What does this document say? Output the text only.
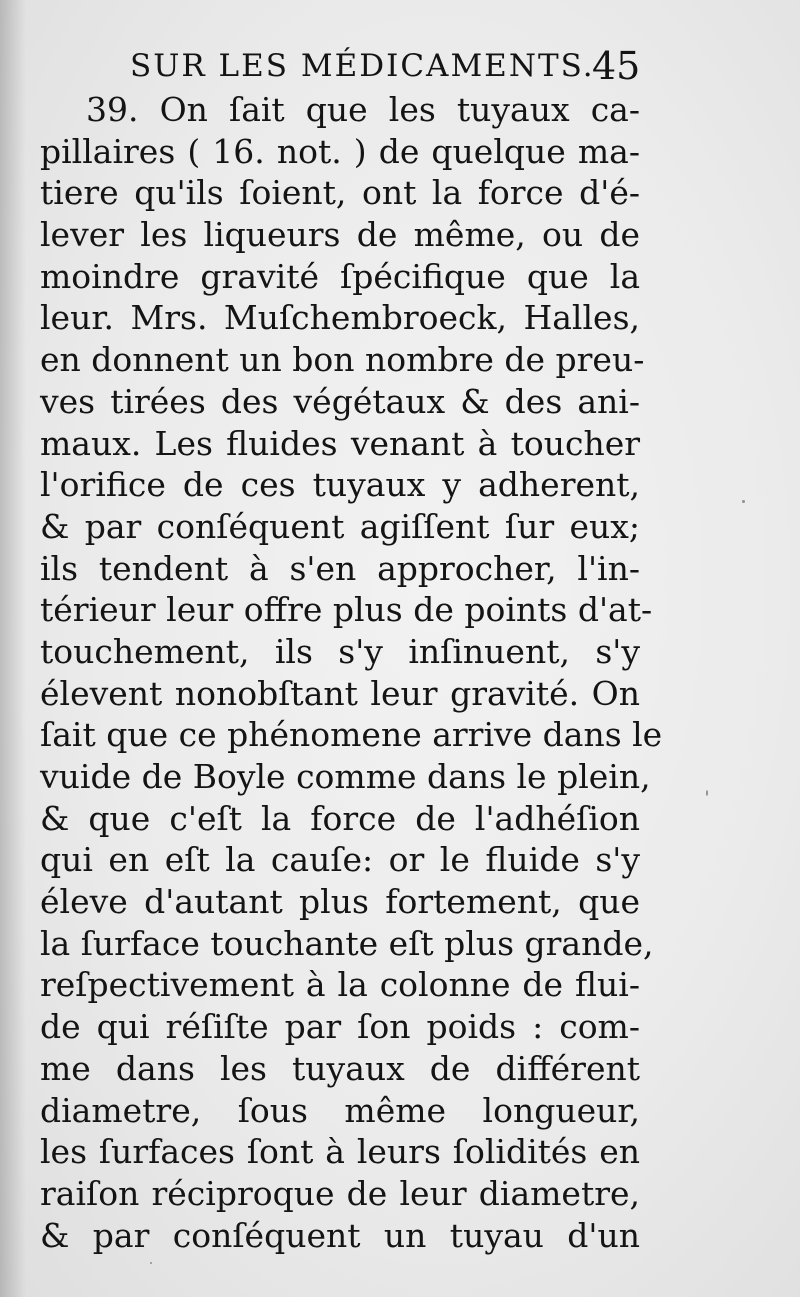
SUR LES MÉDICAMENTS.
45
39. On ſait que les tuyaux ca-
pillaires ( 16. not. ) de quelque ma-
tiere qu'ils ſoient, ont la force d'é-
lever les liqueurs de même, ou de
moindre gravité ſpécifique que la
leur. Mrs. Muſchembroeck, Halles,
en donnent un bon nombre de preu-
ves tirées des végétaux & des ani-
maux. Les fluides venant à toucher
l'orifice de ces tuyaux y adherent,
& par conſéquent agiſſent ſur eux;
ils tendent à s'en approcher, l'in-
térieur leur offre plus de points d'at-
touchement, ils s'y inſinuent, s'y
élevent nonobſtant leur gravité. On
ſait que ce phénomene arrive dans le
vuide de Boyle comme dans le plein,
& que c'eſt la force de l'adhéſion
qui en eſt la cauſe: or le fluide s'y
éleve d'autant plus fortement, que
la ſurface touchante eſt plus grande,
reſpectivement à la colonne de flui-
de qui réſiſte par ſon poids : com-
me dans les tuyaux de différent
diametre, ſous même longueur,
les ſurfaces ſont à leurs ſolidités en
raiſon réciproque de leur diametre,
& par conſéquent un tuyau d'un
